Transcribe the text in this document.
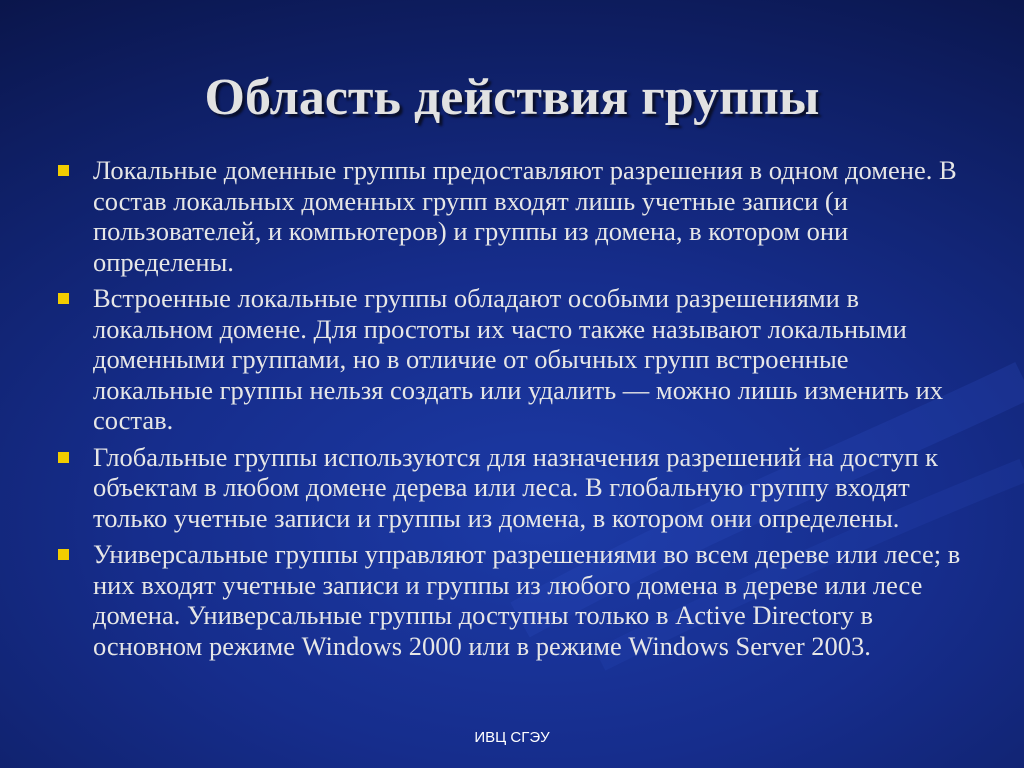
Область действия группы
Локальные доменные группы предоставляют разрешения в одном домене. В состав локальных доменных групп входят лишь учетные записи (и пользователей, и компьютеров) и группы из домена, в котором они определены.
Встроенные локальные группы обладают особыми разрешениями в локальном домене. Для простоты их часто также называют локальными доменными группами, но в отличие от обычных групп встроенные локальные группы нельзя создать или удалить — можно лишь изменить их состав.
Глобальные группы используются для назначения разрешений на доступ к объектам в любом домене дерева или леса. В глобальную группу входят только учетные записи и группы из домена, в котором они определены.
Универсальные группы управляют разрешениями во всем дереве или лесе; в них входят учетные записи и группы из любого домена в дереве или лесе домена. Универсальные группы доступны только в Active Directory в основном режиме Windows 2000 или в режиме Windows Server 2003.
ИВЦ СГЭУ
